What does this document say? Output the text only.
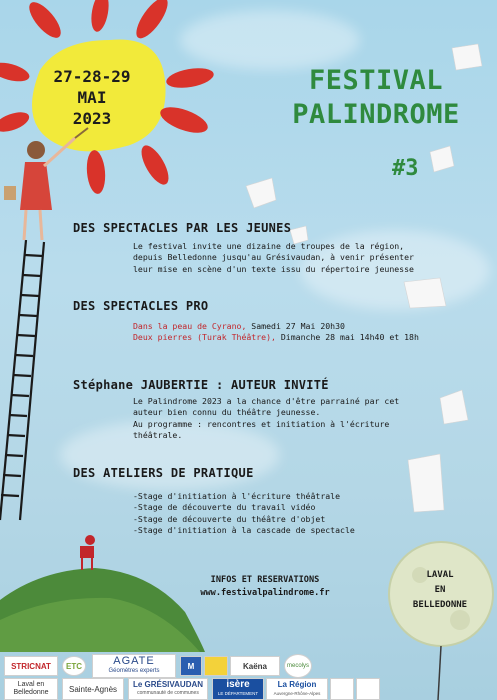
27-28-29
MAI
2023
FESTIVAL
PALINDROME
#3
DES SPECTACLES PAR LES JEUNES
Le festival invite une dizaine de troupes de la région,
depuis Belledonne jusqu'au Grésivaudan, à venir présenter
leur mise en scène d'un texte issu du répertoire jeunesse
DES SPECTACLES PRO
Dans la peau de Cyrano, Samedi 27 Mai 20h30
Deux pierres (Turak Théâtre), Dimanche 28 mai 14h40 et 18h
Stéphane JAUBERTIE : AUTEUR INVITÉ
Le Palindrome 2023 a la chance d'être parrainé par cet
auteur bien connu du théâtre jeunesse.
Au programme : rencontres et initiation à l'écriture
théâtrale.
DES ATELIERS DE PRATIQUE
-Stage d'initiation à l'écriture théâtrale
-Stage de découverte du travail vidéo
-Stage de découverte du théâtre d'objet
-Stage d'initiation à la cascade de spectacle
INFOS ET RESERVATIONS
www.festivalpalindrome.fr
LAVAL
EN
BELLEDONNE
STRICNAT	ETC	AGATE
Géomètres experts
M	Kaëna	mecolys
Laval en Belledonne	Sainte-Agnès	Le GRÉSIVAUDAN
communauté de communes
isère
LE DÉPARTEMENT
La Région
Auvergne-Rhône-Alpes
